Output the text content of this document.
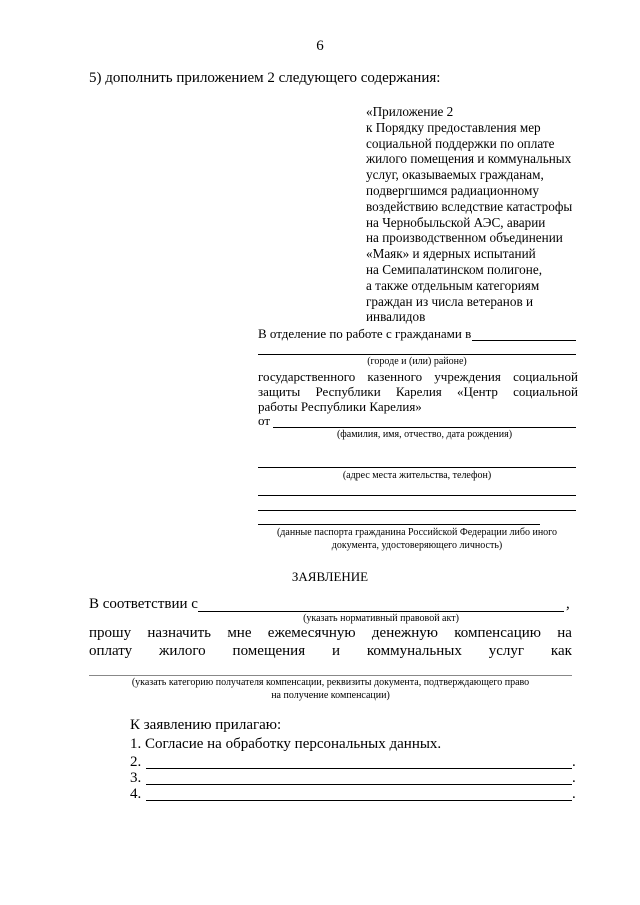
6
5) дополнить приложением 2 следующего содержания:
«Приложение 2
к Порядку предоставления мер
социальной поддержки по оплате
жилого помещения и коммунальных
услуг, оказываемых гражданам,
подвергшимся радиационному
воздействию вследствие катастрофы
на Чернобыльской АЭС, аварии
на производственном объединении
«Маяк» и ядерных испытаний
на Семипалатинском полигоне,
а также отдельным категориям
граждан из числа ветеранов и
инвалидов
В отделение по работе с гражданами в
(городе и (или) районе)
государственного казенного учреждения социальной
защиты Республики Карелия «Центр социальной
работы Республики Карелия»
от
(фамилия, имя, отчество, дата рождения)
(адрес места жительства, телефон)
(данные паспорта гражданина Российской Федерации либо иного
документа, удостоверяющего личность)
ЗАЯВЛЕНИЕ
В соответствии с	,
(указать нормативный правовой акт)
прошу назначить мне ежемесячную денежную компенсацию на
оплату жилого помещения и коммунальных услуг как
(указать категорию получателя компенсации, реквизиты документа, подтверждающего право
на получение компенсации)
К заявлению прилагаю:
1. Согласие на обработку персональных данных.
2.	.
3.	.
4.	.
